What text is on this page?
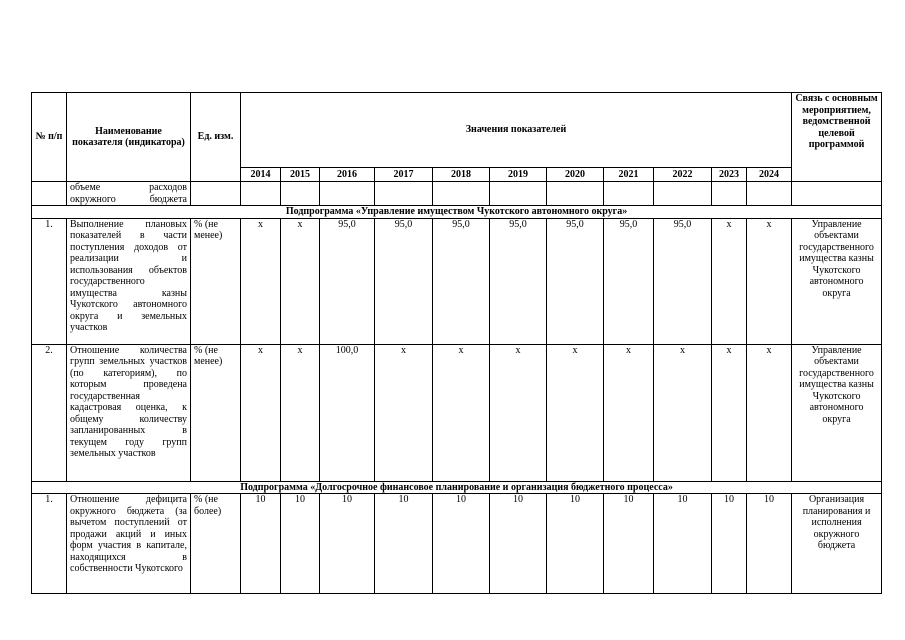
№ п/п	Наименование показателя (индикатора)	Ед. изм.	Значения показателей											Связь с основным мероприятием, ведомственной целевой программой
			2014	2015	2016	2017	2018	2019	2020	2021	2022	2023	2024	
	объеме расходов окружного бюджета													
Подпрограмма «Управление имуществом Чукотского автономного округа»														
1.	Выполнение плановых показателей в части поступления доходов от реализации и использования объектов государственного имущества казны Чукотского автономного округа и земельных участков	% (не менее)	x	x	95,0	95,0	95,0	95,0	95,0	95,0	95,0	x	x	Управление объектами государственного имущества казны Чукотского автономного округа
2.	Отношение количества групп земельных участков (по категориям), по которым проведена государственная кадастровая оценка, к общему количеству запланированных в текущем году групп земельных участков	% (не менее)	x	x	100,0	x	x	x	x	x	x	x	x	Управление объектами государственного имущества казны Чукотского автономного округа
Подпрограмма «Долгосрочное финансовое планирование и организация бюджетного процесса»														
1.	Отношение дефицита окружного бюджета (за вычетом поступлений от продажи акций и иных форм участия в капитале, находящихся в собственности Чукотского	% (не более)	10	10	10	10	10	10	10	10	10	10	10	Организация планирования и исполнения окружного бюджета
